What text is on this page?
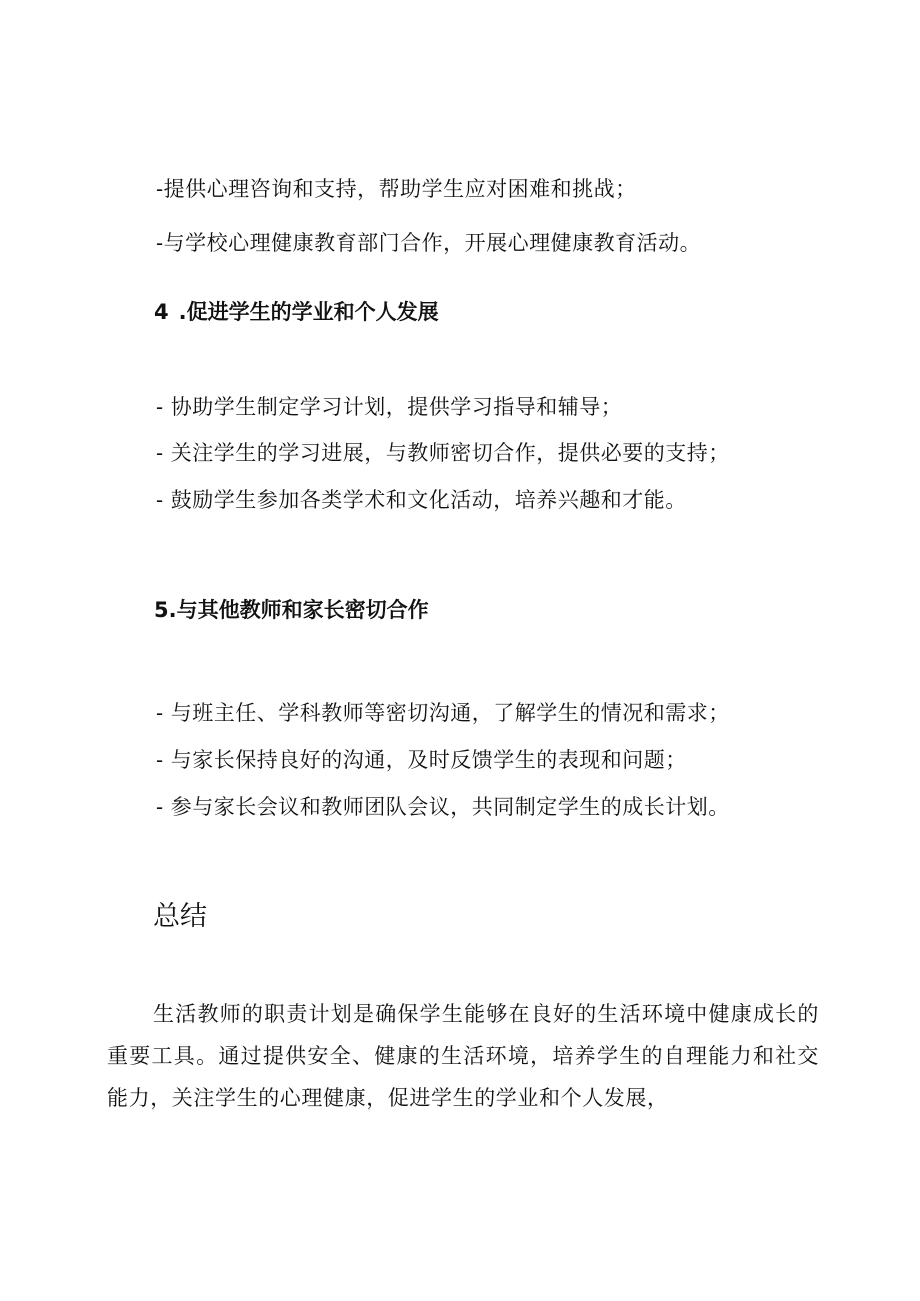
-提供心理咨询和支持，帮助学生应对困难和挑战；
-与学校心理健康教育部门合作，开展心理健康教育活动。
4 .促进学生的学业和个人发展
- 协助学生制定学习计划，提供学习指导和辅导；
- 关注学生的学习进展，与教师密切合作，提供必要的支持；
- 鼓励学生参加各类学术和文化活动，培养兴趣和才能。
5.与其他教师和家长密切合作
- 与班主任、学科教师等密切沟通，了解学生的情况和需求；
- 与家长保持良好的沟通，及时反馈学生的表现和问题；
- 参与家长会议和教师团队会议，共同制定学生的成长计划。
总结
生活教师的职责计划是确保学生能够在良好的生活环境中健康成长的重要工具。通过提供安全、健康的生活环境，培养学生的自理能力和社交能力，关注学生的心理健康，促进学生的学业和个人发展，
